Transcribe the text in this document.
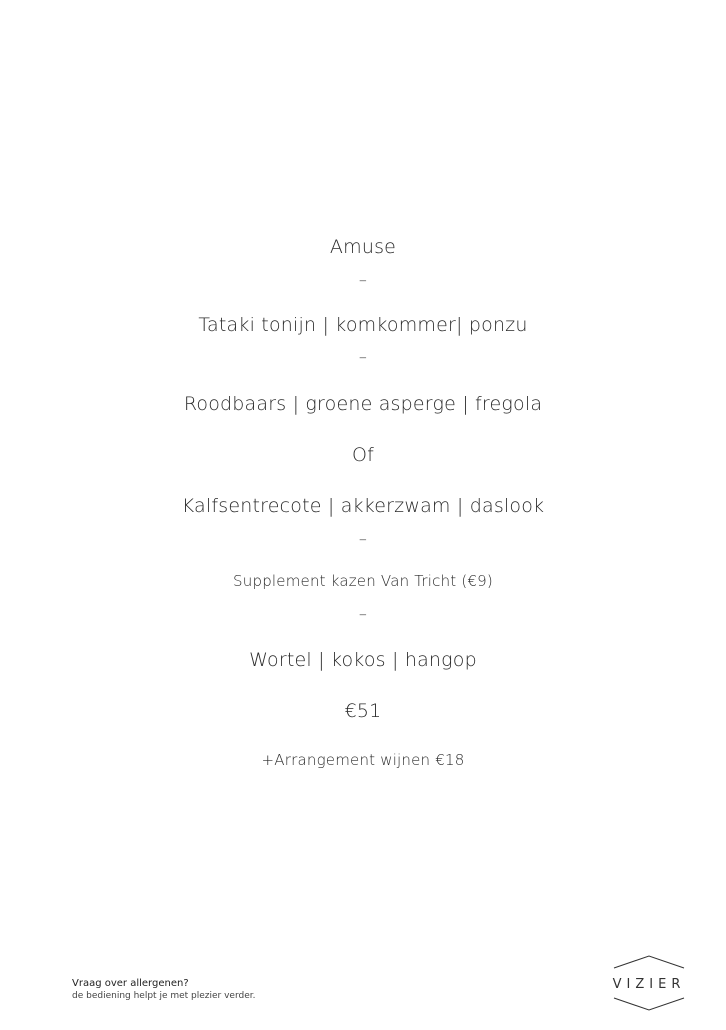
Amuse
–
Tataki tonijn | komkommer| ponzu
–
Roodbaars | groene asperge | fregola
Of
Kalfsentrecote | akkerzwam | daslook
–
Supplement kazen Van Tricht (€9)
–
Wortel | kokos | hangop
€51
+Arrangement wijnen €18
Vraag over allergenen?
de bediening helpt je met plezier verder.
VIZIER
